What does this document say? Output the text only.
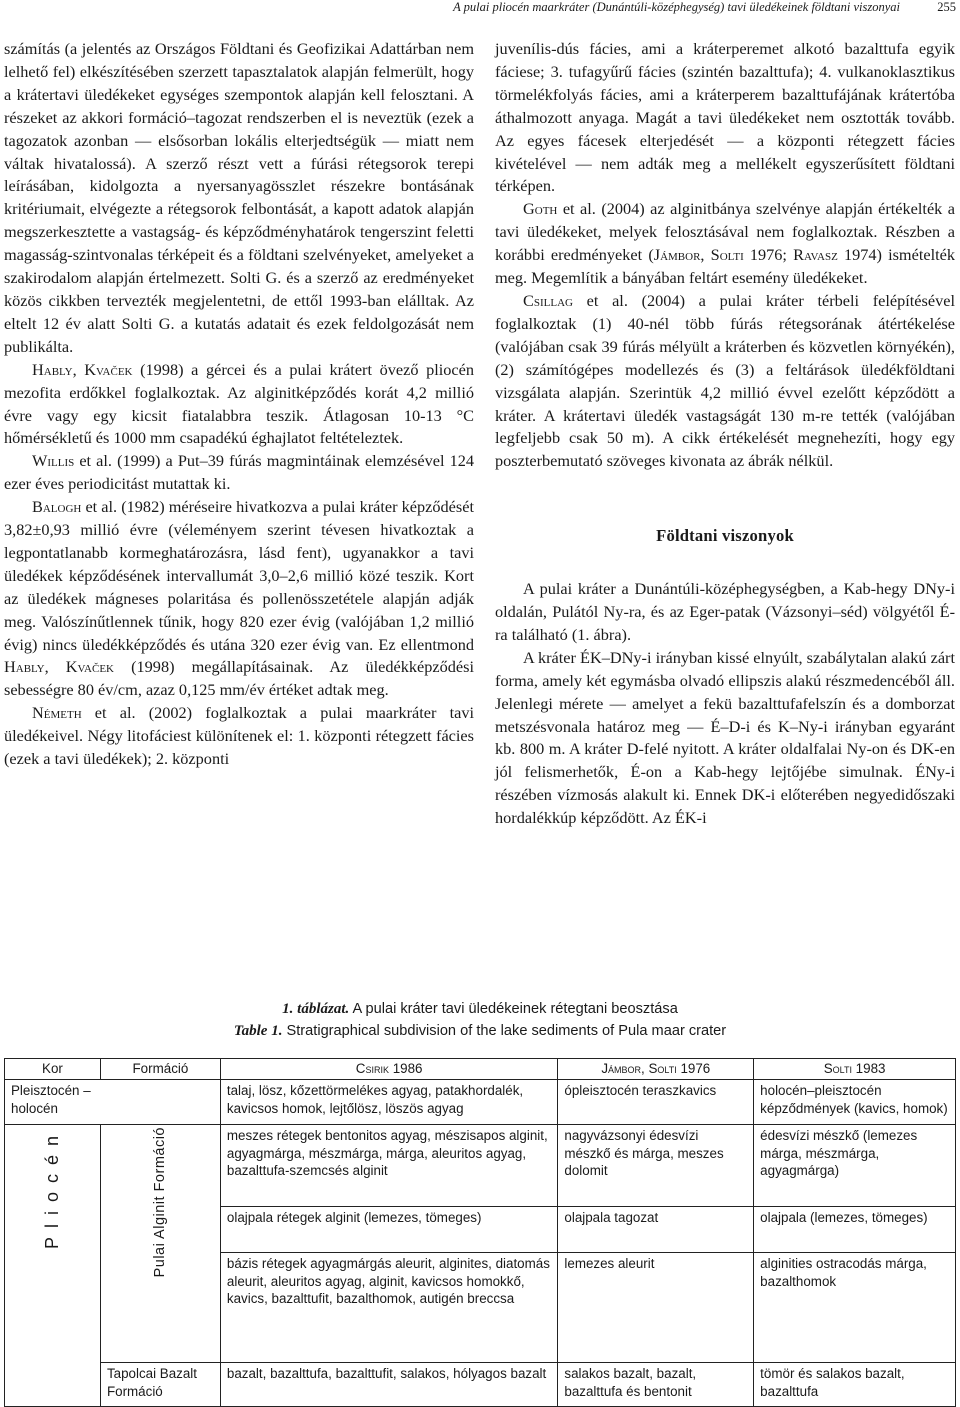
A pulai pliocén maarkráter (Dunántúli-középhegység) tavi üledékeinek földtani viszonyai	255

számítás (a jelentés az Országos Földtani és Geofizikai Adattárban nem lelhető fel) elkészítésében szerzett tapasztalatok alapján felmerült, hogy a krátertavi üledékeket egységes szempontok alapján kell felosztani. A részeket az akkori formáció–tagozat rendszerben el is neveztük (ezek a tagozatok azonban — elsősorban lokális elterjedtségük — miatt nem váltak hivatalossá). A szerző részt vett a fúrási rétegsorok terepi leírásában, kidolgozta a nyersanyagösszlet részekre bontásának kritériumait, elvégezte a rétegsorok felbontását, a kapott adatok alapján megszerkesztette a vastagság- és képződményhatárok tengerszint feletti magasság-szintvonalas térképeit és a földtani szelvényeket, amelyeket a szakirodalom alapján értelmezett. Solti G. és a szerző az eredményeket közös cikkben tervezték megjelentetni, de ettől 1993-ban elálltak. Az eltelt 12 év alatt Solti G. a kutatás adatait és ezek feldolgozását nem publikálta.

Hably, Kvaček (1998) a gércei és a pulai krátert övező pliocén mezofita erdőkkel foglalkoztak. Az alginitképződés korát 4,2 millió évre vagy egy kicsit fiatalabbra teszik. Átlagosan 10-13 °C hőmérsékletű és 1000 mm csapadékú éghajlatot feltételeztek.

Willis et al. (1999) a Put–39 fúrás magmintáinak elemzésével 124 ezer éves periodicitást mutattak ki.

Balogh et al. (1982) méréseire hivatkozva a pulai kráter képződését 3,82±0,93 millió évre (véleményem szerint tévesen hivatkoztak a legpontatlanabb kormeghatározásra, lásd fent), ugyanakkor a tavi üledékek képződésének intervallumát 3,0–2,6 millió közé teszik. Kort az üledékek mágneses polaritása és pollenösszetétele alapján adják meg. Valószínűtlennek tűnik, hogy 820 ezer évig (valójában 1,2 millió évig) nincs üledékképződés és utána 320 ezer évig van. Ez ellentmond Hably, Kvaček (1998) megállapításainak. Az üledékképződési sebességre 80 év/cm, azaz 0,125 mm/év értéket adtak meg.

Németh et al. (2002) foglalkoztak a pulai maarkráter tavi üledékeivel. Négy litofáciest különítenek el: 1. központi rétegzett fácies (ezek a tavi üledékek); 2. központi

juvenílis-dús fácies, ami a kráterperemet alkotó bazalttufa egyik fáciese; 3. tufagyűrű fácies (szintén bazalttufa); 4. vulkanoklasztikus törmelékfolyás fácies, ami a kráterperem bazalttufájának krátertóba áthalmozott anyaga. Magát a tavi üledékeket nem osztották tovább. Az egyes fácesek elterjedését — a központi rétegzett fácies kivételével — nem adták meg a mellékelt egyszerűsített földtani térképen.

Goth et al. (2004) az alginitbánya szelvénye alapján értékelték a tavi üledékeket, melyek felosztásával nem foglalkoztak. Részben a korábbi eredményeket (Jámbor, Solti 1976; Ravasz 1974) ismételték meg. Megemlítik a bányában feltárt esemény üledékeket.

Csillag et al. (2004) a pulai kráter térbeli felépítésével foglalkoztak (1) 40-nél több fúrás rétegsorának átértékelése (valójában csak 39 fúrás mélyült a kráterben és közvetlen környékén), (2) számítógépes modellezés és (3) a feltárások üledékföldtani vizsgálata alapján. Szerintük 4,2 millió évvel ezelőtt képződött a kráter. A krátertavi üledék vastagságát 130 m-re tették (valójában legfeljebb csak 50 m). A cikk értékelését megnehezíti, hogy egy poszterbemutató szöveges kivonata az ábrák nélkül.

Földtani viszonyok

A pulai kráter a Dunántúli-középhegységben, a Kab-hegy DNy-i oldalán, Pulától Ny-ra, és az Eger-patak (Vázsonyi–séd) völgyétől É-ra található (1. ábra).

A kráter ÉK–DNy-i irányban kissé elnyúlt, szabálytalan alakú zárt forma, amely két egymásba olvadó ellipszis alakú részmedencéből áll. Jelenlegi mérete — amelyet a fekü bazalttufafelszín és a domborzat metszésvonala határoz meg — É–D-i és K–Ny-i irányban egyaránt kb. 800 m. A kráter D-felé nyitott. A kráter oldalfalai Ny-on és DK-en jól felismerhetők, É-on a Kab-hegy lejtőjébe simulnak. ÉNy-i részében vízmosás alakult ki. Ennek DK-i előterében negyedidőszaki hordalékkúp képződött. Az ÉK-i

1. táblázat. A pulai kráter tavi üledékeinek rétegtani beosztása
Table 1. Stratigraphical subdivision of the lake sediments of Pula maar crater
Kor	Formáció	Csirik 1986	Jámbor, Solti 1976	Solti 1983
Pleisztocén –holocén		talaj, lösz, kőzettörmelékes agyag, patakhordalék, kavicsos homok, lejtőlösz, löszös agyag	ópleisztocén teraszkavics	holocén–pleisztocén képződmények (kavics, homok)

Pliocén	Pulai Alginit Formáció	meszes rétegek bentonitos agyag, mészisapos alginit, agyagmárga, mészmárga, márga, aleuritos agyag, bazalttufa-szemcsés alginit	nagyvázsonyi édesvízi mészkő és márga, meszes dolomit	édesvízi mészkő (lemezes márga, mészmárga, agyagmárga)
		olajpala rétegek alginit (lemezes, tömeges)	olajpala tagozat	olajpala (lemezes, tömeges)
		bázis rétegek agyagmárgás aleurit, alginites, diatomás aleurit, aleuritos agyag, alginit, kavicsos homokkő, kavics, bazalttufit, bazalthomok, autigén breccsa	lemezes aleurit	alginities ostracodás márga, bazalthomok
	Tapolcai Bazalt Formáció	bazalt, bazalttufa, bazalttufit, salakos, hólyagos bazalt	salakos bazalt, bazalt, bazalttufa és bentonit	tömör és salakos bazalt, bazalttufa
